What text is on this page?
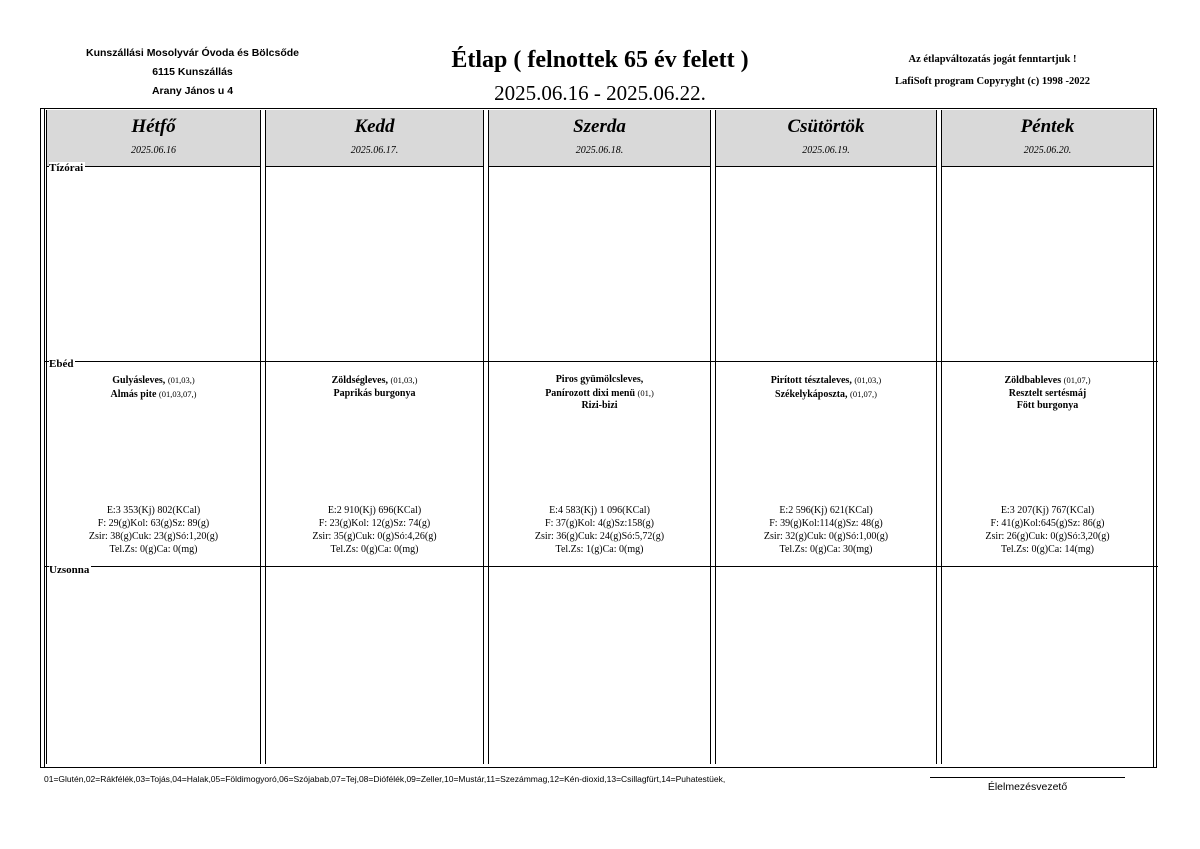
Kunszállási Mosolyvár Óvoda és Bölcsőde
6115 Kunszállás
Arany János u 4
Étlap ( felnottek 65 év felett )
2025.06.16 - 2025.06.22.
Az étlapváltozatás jogát fenntartjuk !
LafiSoft program Copyryght (c) 1998 -2022
Hétfő
2025.06.16
Gulyásleves, (01,03,)
Almás pite (01,03,07,)
E:3 353(Kj) 802(KCal)
F: 29(g)Kol: 63(g)Sz: 89(g)
Zsir: 38(g)Cuk: 23(g)Só:1,20(g)
Tel.Zs: 0(g)Ca: 0(mg)
Kedd
2025.06.17.
Zöldségleves, (01,03,)
Paprikás burgonya
E:2 910(Kj) 696(KCal)
F: 23(g)Kol: 12(g)Sz: 74(g)
Zsir: 35(g)Cuk: 0(g)Só:4,26(g)
Tel.Zs: 0(g)Ca: 0(mg)
Szerda
2025.06.18.
Piros gyümölcsleves,
Panírozott dixi menü (01,)
Rizi-bizi
E:4 583(Kj) 1 096(KCal)
F: 37(g)Kol: 4(g)Sz:158(g)
Zsir: 36(g)Cuk: 24(g)Só:5,72(g)
Tel.Zs: 1(g)Ca: 0(mg)
Csütörtök
2025.06.19.
Pirított tésztaleves, (01,03,)
Székelykáposzta, (01,07,)
E:2 596(Kj) 621(KCal)
F: 39(g)Kol:114(g)Sz: 48(g)
Zsir: 32(g)Cuk: 0(g)Só:1,00(g)
Tel.Zs: 0(g)Ca: 30(mg)
Péntek
2025.06.20.
Zöldbableves (01,07,)
Resztelt sertésmáj
Fött burgonya
E:3 207(Kj) 767(KCal)
F: 41(g)Kol:645(g)Sz: 86(g)
Zsir: 26(g)Cuk: 0(g)Só:3,20(g)
Tel.Zs: 0(g)Ca: 14(mg)
Tízórai
Ebéd
Uzsonna
01=Glutén,02=Rákfélék,03=Tojás,04=Halak,05=Földimogyoró,06=Szójabab,07=Tej,08=Diófélék,09=Zeller,10=Mustár,11=Szezámmag,12=Kén-dioxid,13=Csillagfürt,14=Puhatestüek,
Élelmezésvezető
